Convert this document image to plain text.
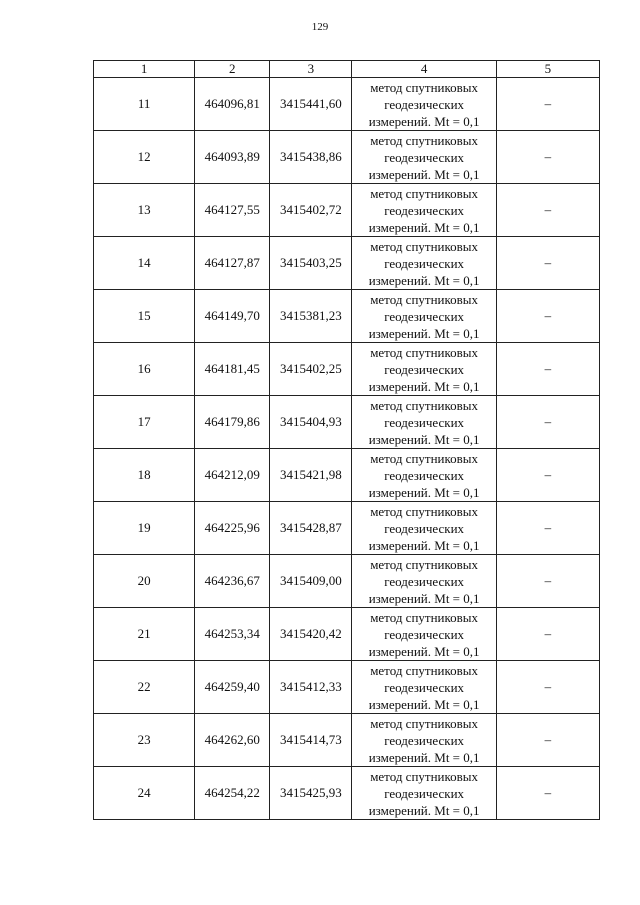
129
1	2	3	4	5
11	464096,81	3415441,60	метод спутниковых
геодезических
измерений. Mt = 0,1	–
12	464093,89	3415438,86	метод спутниковых
геодезических
измерений. Mt = 0,1	–
13	464127,55	3415402,72	метод спутниковых
геодезических
измерений. Mt = 0,1	–
14	464127,87	3415403,25	метод спутниковых
геодезических
измерений. Mt = 0,1	–
15	464149,70	3415381,23	метод спутниковых
геодезических
измерений. Mt = 0,1	–
16	464181,45	3415402,25	метод спутниковых
геодезических
измерений. Mt = 0,1	–
17	464179,86	3415404,93	метод спутниковых
геодезических
измерений. Mt = 0,1	–
18	464212,09	3415421,98	метод спутниковых
геодезических
измерений. Mt = 0,1	–
19	464225,96	3415428,87	метод спутниковых
геодезических
измерений. Mt = 0,1	–
20	464236,67	3415409,00	метод спутниковых
геодезических
измерений. Mt = 0,1	–
21	464253,34	3415420,42	метод спутниковых
геодезических
измерений. Mt = 0,1	–
22	464259,40	3415412,33	метод спутниковых
геодезических
измерений. Mt = 0,1	–
23	464262,60	3415414,73	метод спутниковых
геодезических
измерений. Mt = 0,1	–
24	464254,22	3415425,93	метод спутниковых
геодезических
измерений. Mt = 0,1	–
